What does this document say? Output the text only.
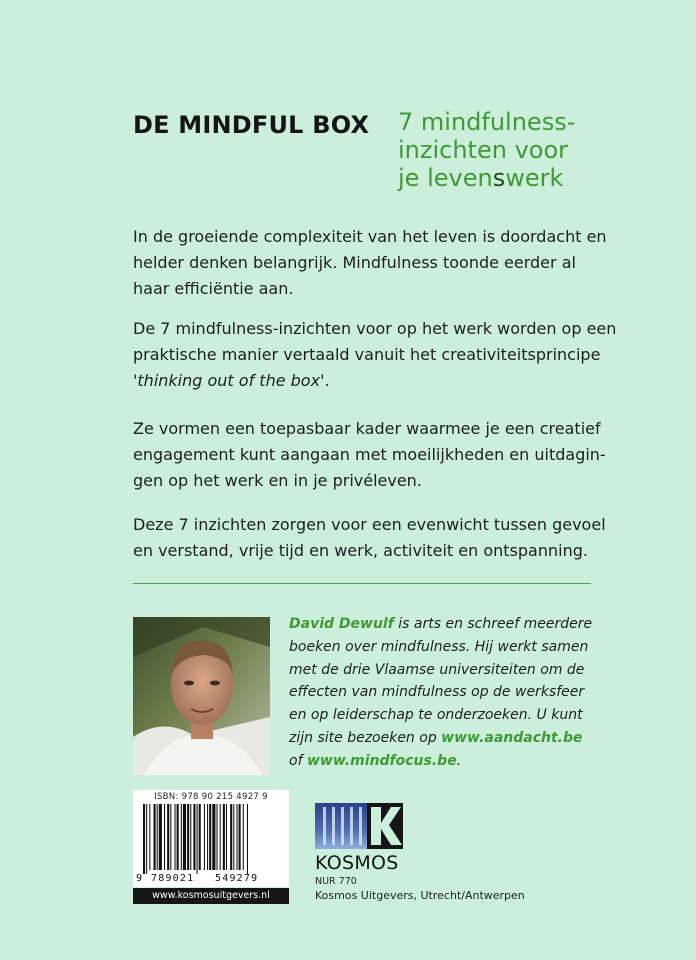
DE MINDFUL BOX 7 mindfulness-
inzichten voor
je levenswerk
In de groeiende complexiteit van het leven is doordacht en
helder denken belangrijk. Mindfulness toonde eerder al
haar efficiëntie aan.
De 7 mindfulness-inzichten voor op het werk worden op een
praktische manier vertaald vanuit het creativiteitsprincipe
'thinking out of the box'.
Ze vormen een toepasbaar kader waarmee je een creatief
engagement kunt aangaan met moeilijkheden en uitdagin-
gen op het werk en in je privéleven.
Deze 7 inzichten zorgen voor een evenwicht tussen gevoel
en verstand, vrije tijd en werk, activiteit en ontspanning.
David Dewulf is arts en schreef meerdere
boeken over mindfulness. Hij werkt samen
met de drie Vlaamse universiteiten om de
effecten van mindfulness op de werksfeer
en op leiderschap te onderzoeken. U kunt
zijn site bezoeken op www.aandacht.be
of www.mindfocus.be.
ISBN: 978 90 215 4927 9
9 789021 549279
www.kosmosuitgevers.nl
KOSMOS
NUR 770
Kosmos Uitgevers, Utrecht/Antwerpen
